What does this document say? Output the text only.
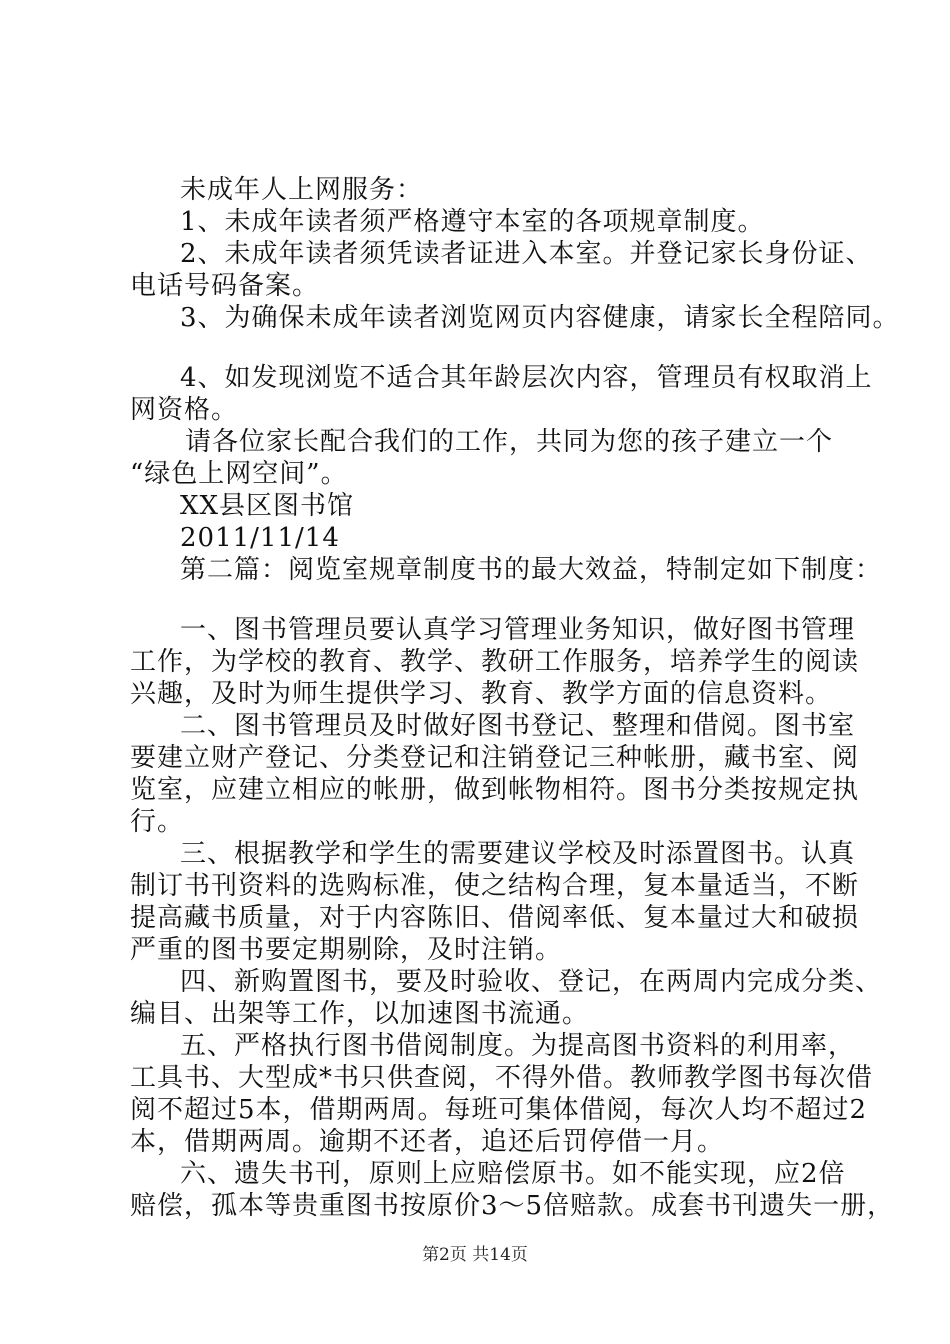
未成年人上网服务：
1、未成年读者须严格遵守本室的各项规章制度。
2、未成年读者须凭读者证进入本室。并登记家长身份证、
电话号码备案。
3、为确保未成年读者浏览网页内容健康，请家长全程陪同。
4、如发现浏览不适合其年龄层次内容，管理员有权取消上
网资格。
请各位家长配合我们的工作，共同为您的孩子建立一个
“绿色上网空间”。
XX县区图书馆
2011/11/14
第二篇：阅览室规章制度书的最大效益，特制定如下制度：
一、图书管理员要认真学习管理业务知识，做好图书管理
工作，为学校的教育、教学、教研工作服务，培养学生的阅读
兴趣，及时为师生提供学习、教育、教学方面的信息资料。
二、图书管理员及时做好图书登记、整理和借阅。图书室
要建立财产登记、分类登记和注销登记三种帐册，藏书室、阅
览室，应建立相应的帐册，做到帐物相符。图书分类按规定执
行。
三、根据教学和学生的需要建议学校及时添置图书。认真
制订书刊资料的选购标准，使之结构合理，复本量适当，不断
提高藏书质量，对于内容陈旧、借阅率低、复本量过大和破损
严重的图书要定期剔除，及时注销。
四、新购置图书，要及时验收、登记，在两周内完成分类、
编目、出架等工作，以加速图书流通。
五、严格执行图书借阅制度。为提高图书资料的利用率，
工具书、大型成*书只供查阅，不得外借。教师教学图书每次借
阅不超过5本，借期两周。每班可集体借阅，每次人均不超过2
本，借期两周。逾期不还者，追还后罚停借一月。
六、遗失书刊，原则上应赔偿原书。如不能实现，应2倍
赔偿，孤本等贵重图书按原价3～5倍赔款。成套书刊遗失一册，
第2页 共14页
